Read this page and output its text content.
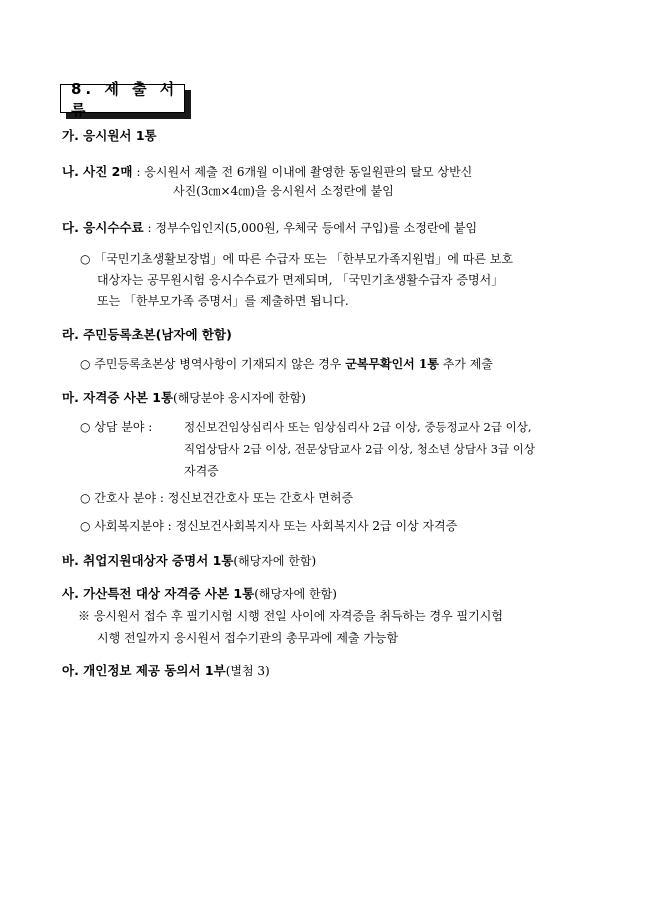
8. 제 출 서 류
가. 응시원서 1통
나. 사진 2매 : 응시원서 제출 전 6개월 이내에 촬영한 동일원판의 탈모 상반신
사진(3㎝×4㎝)을 응시원서 소정란에 붙임
다. 응시수수료 : 정부수입인지(5,000원, 우체국 등에서 구입)를 소정란에 붙임
○ 「국민기초생활보장법」에 따른 수급자 또는 「한부모가족지원법」에 따른 보호
대상자는 공무원시험 응시수수료가 면제되며, 「국민기초생활수급자 증명서」
또는 「한부모가족 증명서」를 제출하면 됩니다.
라. 주민등록초본(남자에 한함)
○ 주민등록초본상 병역사항이 기재되지 않은 경우 군복무확인서 1통 추가 제출
마. 자격증 사본 1통(해당분야 응시자에 한함)
○ 상담 분야 :	정신보건임상심리사 또는 임상심리사 2급 이상, 중등정교사 2급 이상,
직업상담사 2급 이상, 전문상담교사 2급 이상, 청소년 상담사 3급 이상
자격증
○ 간호사 분야 : 정신보건간호사 또는 간호사 면허증
○ 사회복지분야 : 정신보건사회복지사 또는 사회복지사 2급 이상 자격증
바. 취업지원대상자 증명서 1통(해당자에 한함)
사. 가산특전 대상 자격증 사본 1통(해당자에 한함)
※ 응시원서 접수 후 필기시험 시행 전일 사이에 자격증을 취득하는 경우 필기시험
시행 전일까지 응시원서 접수기관의 총무과에 제출 가능함
아. 개인정보 제공 동의서 1부(별첨 3)
